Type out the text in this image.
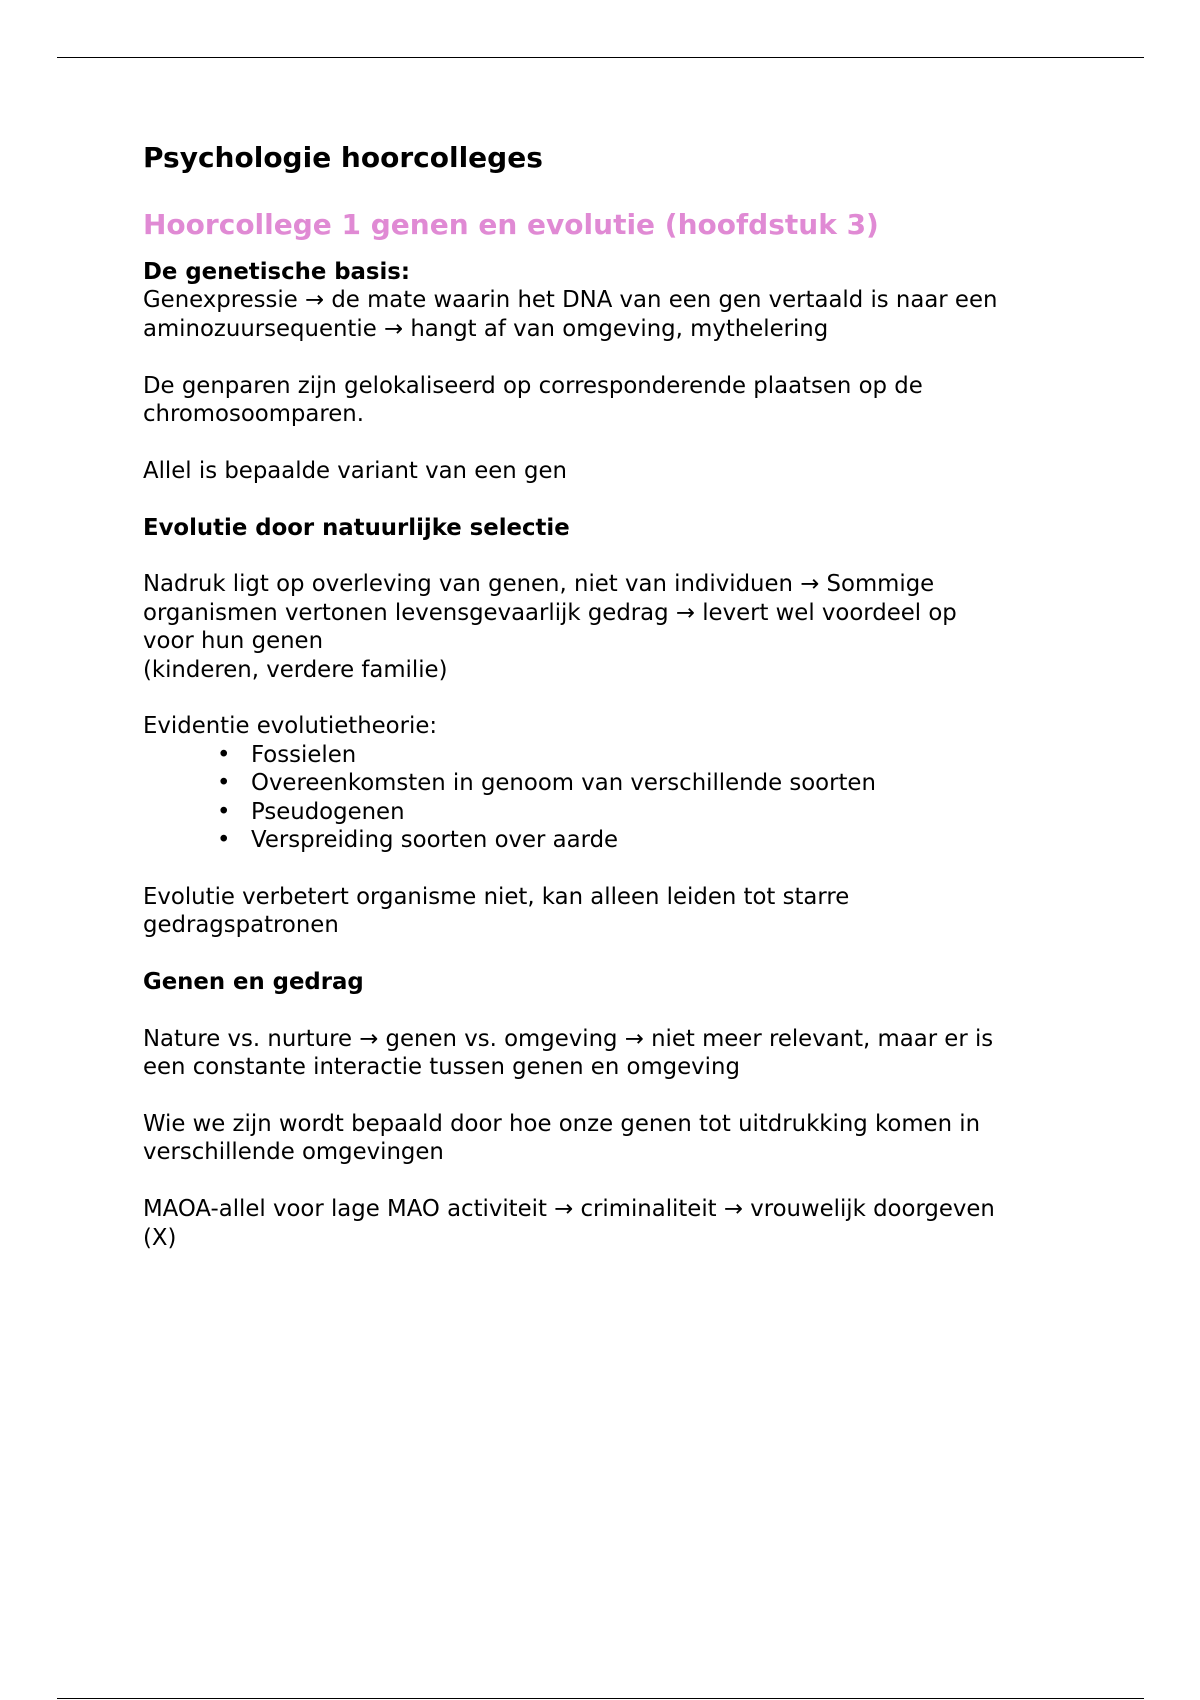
Psychologie hoorcolleges
Hoorcollege 1 genen en evolutie (hoofdstuk 3)

De genetische basis:

Genexpressie → de mate waarin het DNA van een gen vertaald is naar een

aminozuursequentie → hangt af van omgeving, mythelering

De genparen zijn gelokaliseerd op corresponderende plaatsen op de

chromosoomparen.

Allel is bepaalde variant van een gen

Evolutie door natuurlijke selectie

Nadruk ligt op overleving van genen, niet van individuen → Sommige

organismen vertonen levensgevaarlijk gedrag → levert wel voordeel op

voor hun genen

(kinderen, verdere familie)

Evidentie evolutietheorie:

• Fossielen
• Overeenkomsten in genoom van verschillende soorten
• Pseudogenen
• Verspreiding soorten over aarde

Evolutie verbetert organisme niet, kan alleen leiden tot starre

gedragspatronen

Genen en gedrag

Nature vs. nurture → genen vs. omgeving → niet meer relevant, maar er is

een constante interactie tussen genen en omgeving

Wie we zijn wordt bepaald door hoe onze genen tot uitdrukking komen in

verschillende omgevingen

MAOA-allel voor lage MAO activiteit → criminaliteit → vrouwelijk doorgeven

(X)
